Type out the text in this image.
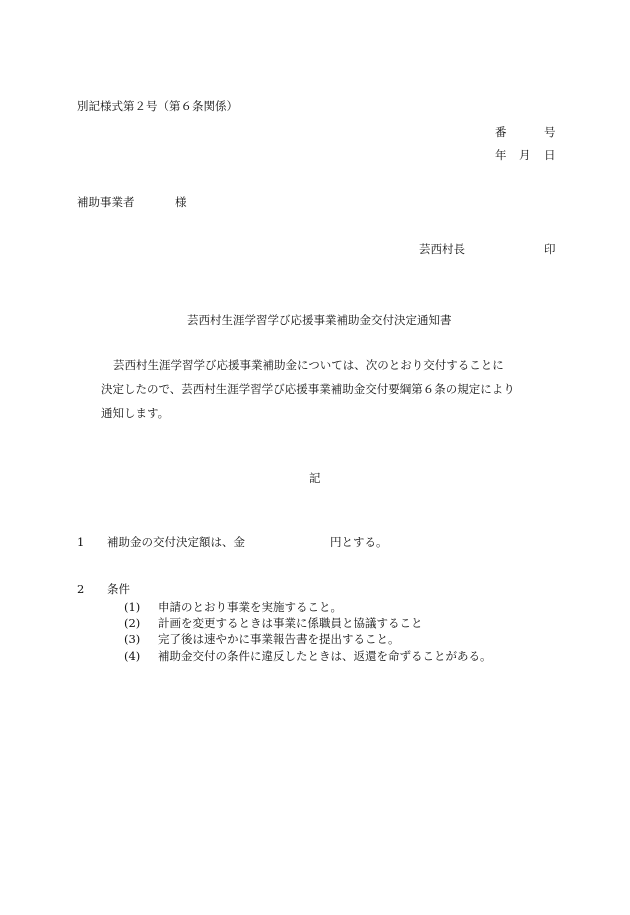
別記様式第２号（第６条関係）
番	号
年 月 日
補助事業者	様
芸西村長	印
芸西村生涯学習学び応援事業補助金交付決定通知書
芸西村生涯学習学び応援事業補助金については、次のとおり交付することに
決定したので、芸西村生涯学習学び応援事業補助金交付要綱第６条の規定により
通知します。
記
1 補助金の交付決定額は、金	円とする。
2 条件
(1) 申請のとおり事業を実施すること。
(2) 計画を変更するときは事業に係職員と協議すること
(3) 完了後は速やかに事業報告書を提出すること。
(4) 補助金交付の条件に違反したときは、返還を命ずることがある。
